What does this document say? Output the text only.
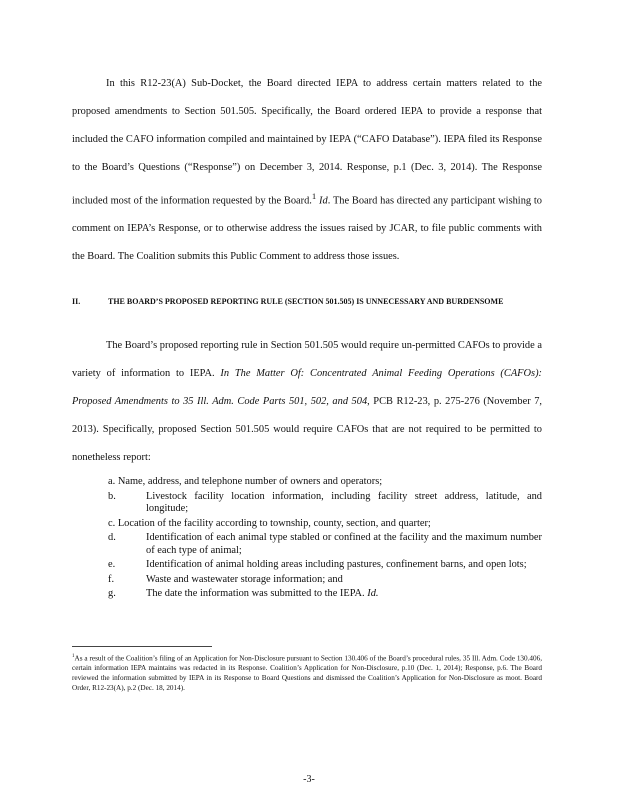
In this R12-23(A) Sub-Docket, the Board directed IEPA to address certain matters related to the proposed amendments to Section 501.505. Specifically, the Board ordered IEPA to provide a response that included the CAFO information compiled and maintained by IEPA (“CAFO Database”). IEPA filed its Response to the Board’s Questions (“Response”) on December 3, 2014. Response, p.1 (Dec. 3, 2014). The Response included most of the information requested by the Board.$^1$ Id. The Board has directed any participant wishing to comment on IEPA’s Response, or to otherwise address the issues raised by JCAR, to file public comments with the Board. The Coalition submits this Public Comment to address those issues.

II.	THE BOARD’S PROPOSED REPORTING RULE (SECTION 501.505) IS UNNECESSARY AND BURDENSOME

The Board’s proposed reporting rule in Section 501.505 would require un-permitted CAFOs to provide a variety of information to IEPA. In The Matter Of: Concentrated Animal Feeding Operations (CAFOs): Proposed Amendments to 35 Ill. Adm. Code Parts 501, 502, and 504, PCB R12-23, p. 275-276 (November 7, 2013). Specifically, proposed Section 501.505 would require CAFOs that are not required to be permitted to nonetheless report:

a. Name, address, and telephone number of owners and operators;
b.	Livestock facility location information, including facility street address, latitude, and longitude;
c. Location of the facility according to township, county, section, and quarter;
d.	Identification of each animal type stabled or confined at the facility and the maximum number of each type of animal;
e.	Identification of animal holding areas including pastures, confinement barns, and open lots;
f.	Waste and wastewater storage information; and
g.	The date the information was submitted to the IEPA. Id.
$^1$As a result of the Coalition’s filing of an Application for Non-Disclosure pursuant to Section 130.406 of the Board’s procedural rules, 35 Ill. Adm. Code 130.406, certain information IEPA maintains was redacted in its Response. Coalition’s Application for Non-Disclosure, p.10 (Dec. 1, 2014); Response, p.6. The Board reviewed the information submitted by IEPA in its Response to Board Questions and dismissed the Coalition’s Application for Non-Disclosure as moot. Board Order, R12-23(A), p.2 (Dec. 18, 2014).
-3-
